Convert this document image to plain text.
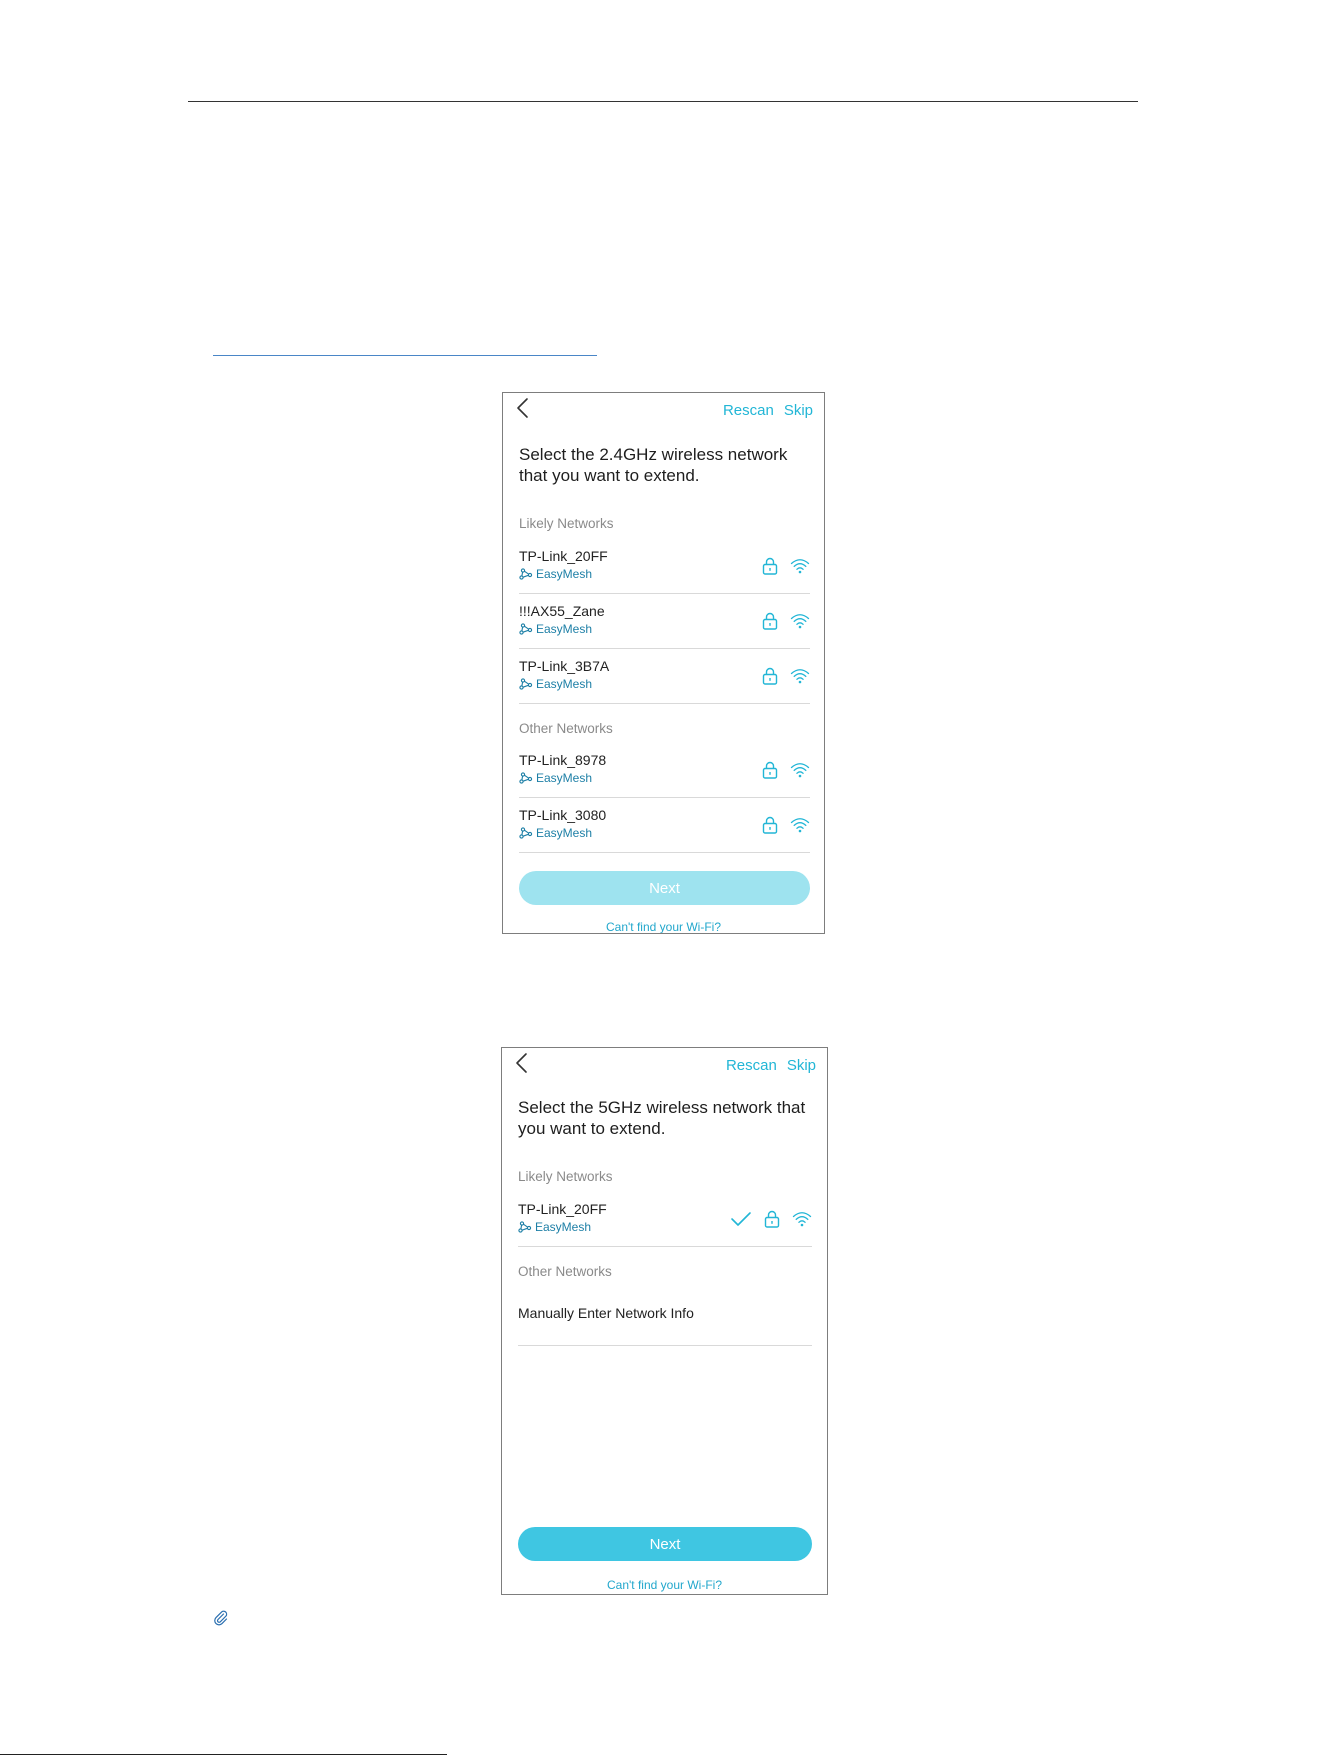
Rescan Skip
Select the 2.4GHz wireless network that you want to extend.
Likely Networks
TP-Link_20FF
EasyMesh
!!!AX55_Zane
EasyMesh
TP-Link_3B7A
EasyMesh
Other Networks
TP-Link_8978
EasyMesh
TP-Link_3080
EasyMesh
Next
Can't find your Wi-Fi?
Rescan Skip
Select the 5GHz wireless network that you want to extend.
Likely Networks
TP-Link_20FF
EasyMesh
Other Networks
Manually Enter Network Info
Next
Can't find your Wi-Fi?
